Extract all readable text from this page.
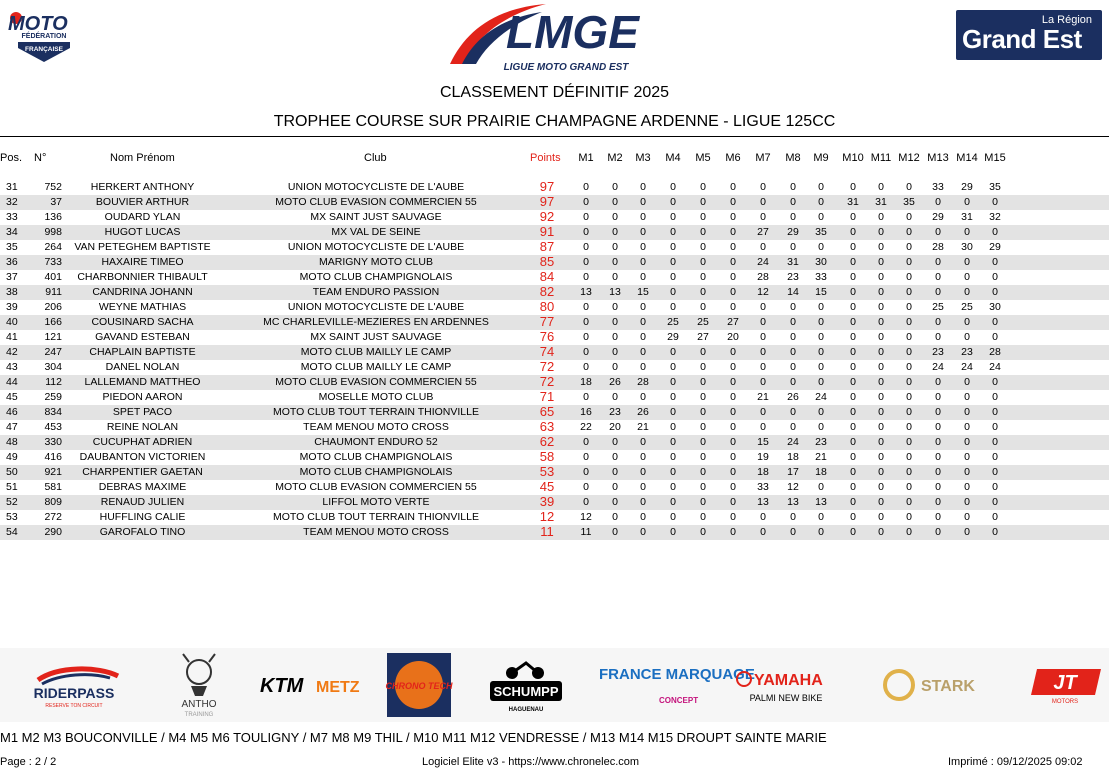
MOTO
FÉDÉRATION
FRANÇAISE	LMGE
LIGUE MOTO GRAND EST
La Région
Grand Est
CLASSEMENT DÉFINITIF 2025
TROPHEE COURSE SUR PRAIRIE CHAMPAGNE ARDENNE - LIGUE 125CC
Pos. N°	Nom Prénom	Club	Points	M1	M2	M3	M4	M5	M6	M7	M8	M9	M10 M11 M12 M13 M14 M15
31	752	HERKERT ANTHONY	UNION MOTOCYCLISTE DE L'AUBE	97	0	0	0	0	0	0	0	0	0	0	0	0	33	29	35
32	37	BOUVIER ARTHUR	MOTO CLUB EVASION COMMERCIEN 55	97	0	0	0	0	0	0	0	0	0	31	31	35	0	0	0
33	136	OUDARD YLAN	MX SAINT JUST SAUVAGE	92	0	0	0	0	0	0	0	0	0	0	0	0	29	31	32
34	998	HUGOT LUCAS	MX VAL DE SEINE	91	0	0	0	0	0	0	27	29	35	0	0	0	0	0	0
35	264	VAN PETEGHEM BAPTISTE	UNION MOTOCYCLISTE DE L'AUBE	87	0	0	0	0	0	0	0	0	0	0	0	0	28	30	29
36	733	HAXAIRE TIMEO	MARIGNY MOTO CLUB	85	0	0	0	0	0	0	24	31	30	0	0	0	0	0	0
37	401	CHARBONNIER THIBAULT	MOTO CLUB CHAMPIGNOLAIS	84	0	0	0	0	0	0	28	23	33	0	0	0	0	0	0
38	911	CANDRINA JOHANN	TEAM ENDURO PASSION	82	13	13	15	0	0	0	12	14	15	0	0	0	0	0	0
39	206	WEYNE MATHIAS	UNION MOTOCYCLISTE DE L'AUBE	80	0	0	0	0	0	0	0	0	0	0	0	0	25	25	30
40	166	COUSINARD SACHA	MC CHARLEVILLE-MEZIERES EN ARDENNES	77	0	0	0	25	25	27	0	0	0	0	0	0	0	0	0
41	121	GAVAND ESTEBAN	MX SAINT JUST SAUVAGE	76	0	0	0	29	27	20	0	0	0	0	0	0	0	0	0
42	247	CHAPLAIN BAPTISTE	MOTO CLUB MAILLY LE CAMP	74	0	0	0	0	0	0	0	0	0	0	0	0	23	23	28
43	304	DANEL NOLAN	MOTO CLUB MAILLY LE CAMP	72	0	0	0	0	0	0	0	0	0	0	0	0	24	24	24
44	112	LALLEMAND MATTHEO	MOTO CLUB EVASION COMMERCIEN 55	72	18	26	28	0	0	0	0	0	0	0	0	0	0	0	0
45	259	PIEDON AARON	MOSELLE MOTO CLUB	71	0	0	0	0	0	0	21	26	24	0	0	0	0	0	0
46	834	SPET PACO	MOTO CLUB TOUT TERRAIN THIONVILLE	65	16	23	26	0	0	0	0	0	0	0	0	0	0	0	0
47	453	REINE NOLAN	TEAM MENOU MOTO CROSS	63	22	20	21	0	0	0	0	0	0	0	0	0	0	0	0
48	330	CUCUPHAT ADRIEN	CHAUMONT ENDURO 52	62	0	0	0	0	0	0	15	24	23	0	0	0	0	0	0
49	416	DAUBANTON VICTORIEN	MOTO CLUB CHAMPIGNOLAIS	58	0	0	0	0	0	0	19	18	21	0	0	0	0	0	0
50	921	CHARPENTIER GAETAN	MOTO CLUB CHAMPIGNOLAIS	53	0	0	0	0	0	0	18	17	18	0	0	0	0	0	0
51	581	DEBRAS MAXIME	MOTO CLUB EVASION COMMERCIEN 55	45	0	0	0	0	0	0	33	12	0	0	0	0	0	0	0
52	809	RENAUD JULIEN	LIFFOL MOTO VERTE	39	0	0	0	0	0	0	13	13	13	0	0	0	0	0	0
53	272	HUFFLING CALIE	MOTO CLUB TOUT TERRAIN THIONVILLE	12	12	0	0	0	0	0	0	0	0	0	0	0	0	0	0
54	290	GAROFALO TINO	TEAM MENOU MOTO CROSS	11	11	0	0	0	0	0	0	0	0	0	0	0	0	0	0
RIDERPASS
RESERVE TON CIRCUIT	ANTHO
TRAINING
KTM METZ	CHRONO TECH	SCHUMPP
HAGUENAU
FRANCE MARQUAGE
CONCEPT
YAMAHA
PALMI NEW BIKE
STARK	JT
MOTORS
M1 M2 M3 BOUCONVILLE / M4 M5 M6 TOULIGNY / M7 M8 M9 THIL / M10 M11 M12 VENDRESSE / M13 M14 M15 DROUPT SAINTE MARIE
Page : 2 / 2	Logiciel Elite v3 - https://www.chronelec.com	Imprimé : 09/12/2025 09:02
